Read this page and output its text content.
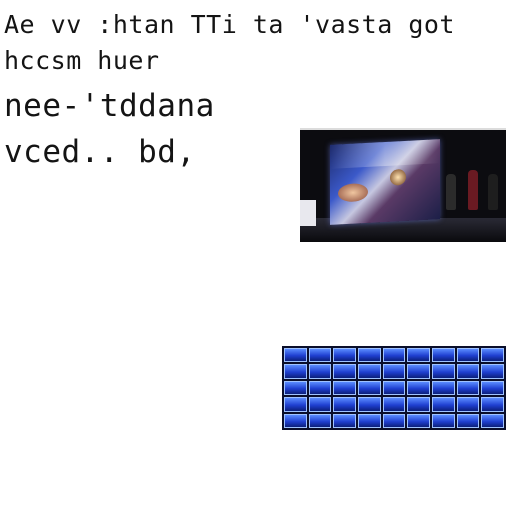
Ae vv :htan TTi ta 'vasta got
hccsm huer
nee-'tddana
vced.. bd,
